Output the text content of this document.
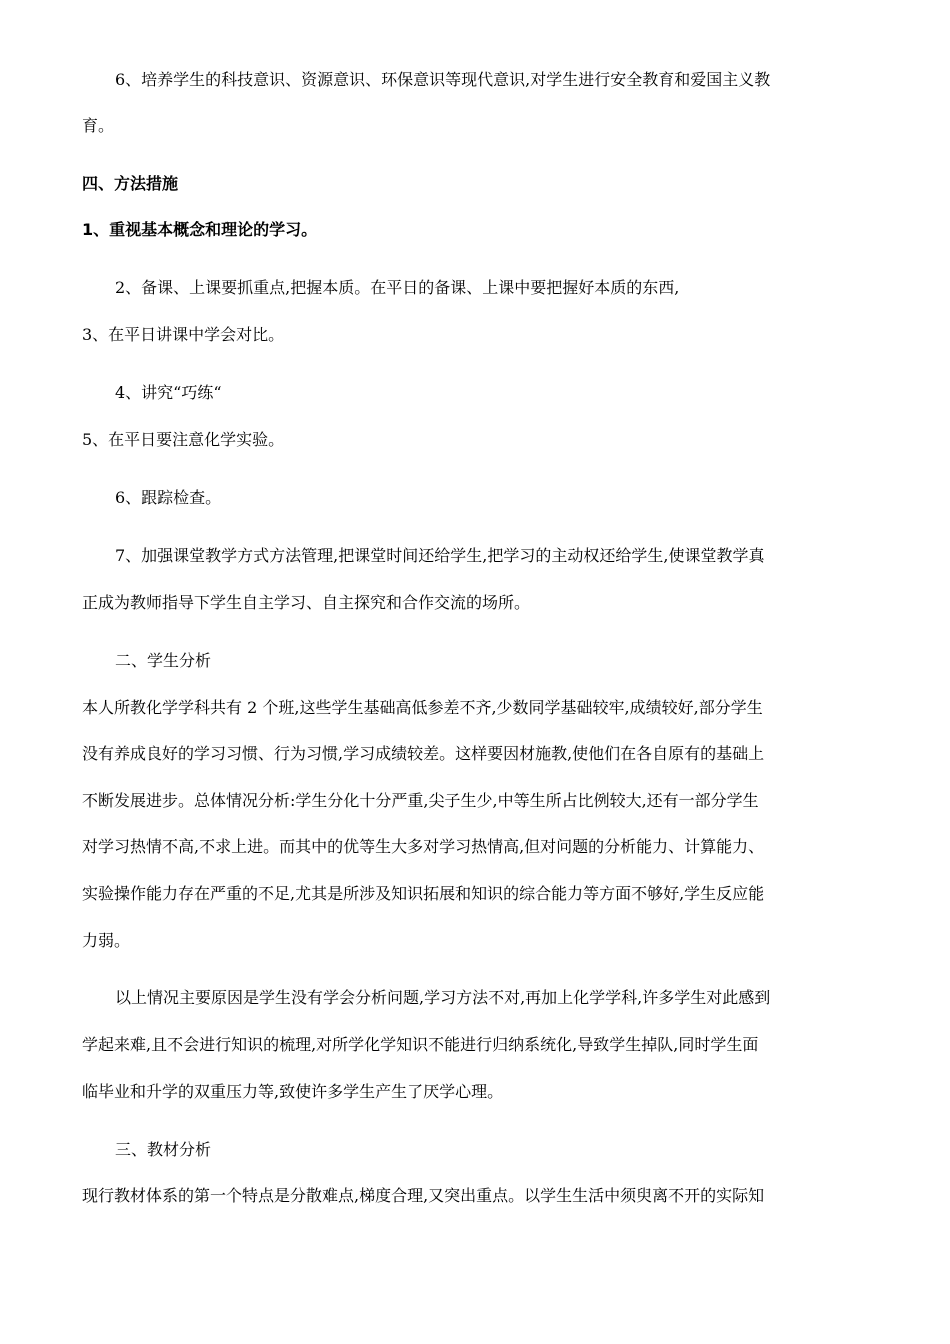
6、培养学生的科技意识、资源意识、环保意识等现代意识,对学生进行安全教育和爱国主义教
育。
四、方法措施
1、重视基本概念和理论的学习。
2、备课、上课要抓重点,把握本质。在平日的备课、上课中要把握好本质的东西,
3、在平日讲课中学会对比。
4、讲究“巧练“
5、在平日要注意化学实验。
6、跟踪检查。
7、加强课堂教学方式方法管理,把课堂时间还给学生,把学习的主动权还给学生,使课堂教学真
正成为教师指导下学生自主学习、自主探究和合作交流的场所。
二、学生分析
本人所教化学学科共有 2 个班,这些学生基础高低参差不齐,少数同学基础较牢,成绩较好,部分学生
没有养成良好的学习习惯、行为习惯,学习成绩较差。这样要因材施教,使他们在各自原有的基础上
不断发展进步。总体情况分析:学生分化十分严重,尖子生少,中等生所占比例较大,还有一部分学生
对学习热情不高,不求上进。而其中的优等生大多对学习热情高,但对问题的分析能力、计算能力、
实验操作能力存在严重的不足,尤其是所涉及知识拓展和知识的综合能力等方面不够好,学生反应能
力弱。
以上情况主要原因是学生没有学会分析问题,学习方法不对,再加上化学学科,许多学生对此感到
学起来难,且不会进行知识的梳理,对所学化学知识不能进行归纳系统化,导致学生掉队,同时学生面
临毕业和升学的双重压力等,致使许多学生产生了厌学心理。
三、教材分析
现行教材体系的第一个特点是分散难点,梯度合理,又突出重点。以学生生活中须臾离不开的实际知
